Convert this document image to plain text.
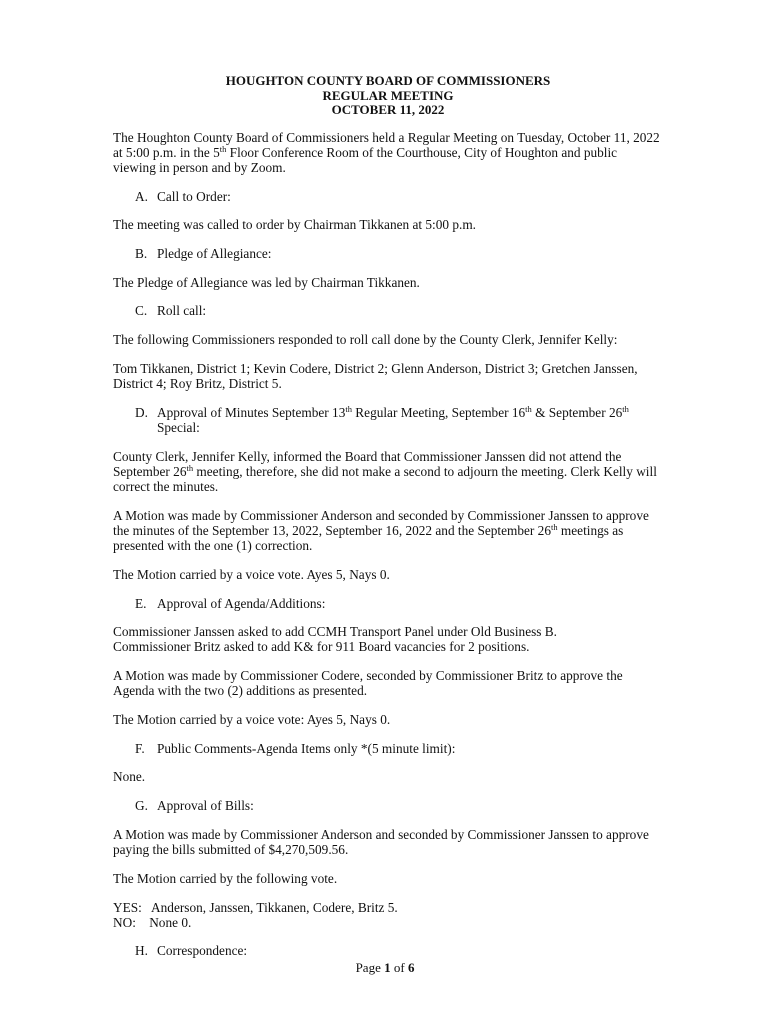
HOUGHTON COUNTY BOARD OF COMMISSIONERS
REGULAR MEETING
OCTOBER 11, 2022

The Houghton County Board of Commissioners held a Regular Meeting on Tuesday, October 11, 2022 at 5:00 p.m. in the 5th Floor Conference Room of the Courthouse, City of Houghton and public viewing in person and by Zoom.

A. Call to Order:

The meeting was called to order by Chairman Tikkanen at 5:00 p.m.

B. Pledge of Allegiance:

The Pledge of Allegiance was led by Chairman Tikkanen.

C. Roll call:

The following Commissioners responded to roll call done by the County Clerk, Jennifer Kelly:

Tom Tikkanen, District 1; Kevin Codere, District 2; Glenn Anderson, District 3; Gretchen Janssen, District 4; Roy Britz, District 5.

D. Approval of Minutes September 13th Regular Meeting, September 16th & September 26th Special:

County Clerk, Jennifer Kelly, informed the Board that Commissioner Janssen did not attend the September 26th meeting, therefore, she did not make a second to adjourn the meeting. Clerk Kelly will correct the minutes.

A Motion was made by Commissioner Anderson and seconded by Commissioner Janssen to approve the minutes of the September 13, 2022, September 16, 2022 and the September 26th meetings as presented with the one (1) correction.

The Motion carried by a voice vote. Ayes 5, Nays 0.

E. Approval of Agenda/Additions:
Commissioner Janssen asked to add CCMH Transport Panel under Old Business B.
Commissioner Britz asked to add K& for 911 Board vacancies for 2 positions.

A Motion was made by Commissioner Codere, seconded by Commissioner Britz to approve the Agenda with the two (2) additions as presented.

The Motion carried by a voice vote: Ayes 5, Nays 0.

F. Public Comments-Agenda Items only *(5 minute limit):

None.

G. Approval of Bills:

A Motion was made by Commissioner Anderson and seconded by Commissioner Janssen to approve paying the bills submitted of $4,270,509.56.

The Motion carried by the following vote.

YES:   Anderson, Janssen, Tikkanen, Codere, Britz 5.
NO:    None 0.
H. Correspondence:
Page 1 of 6
